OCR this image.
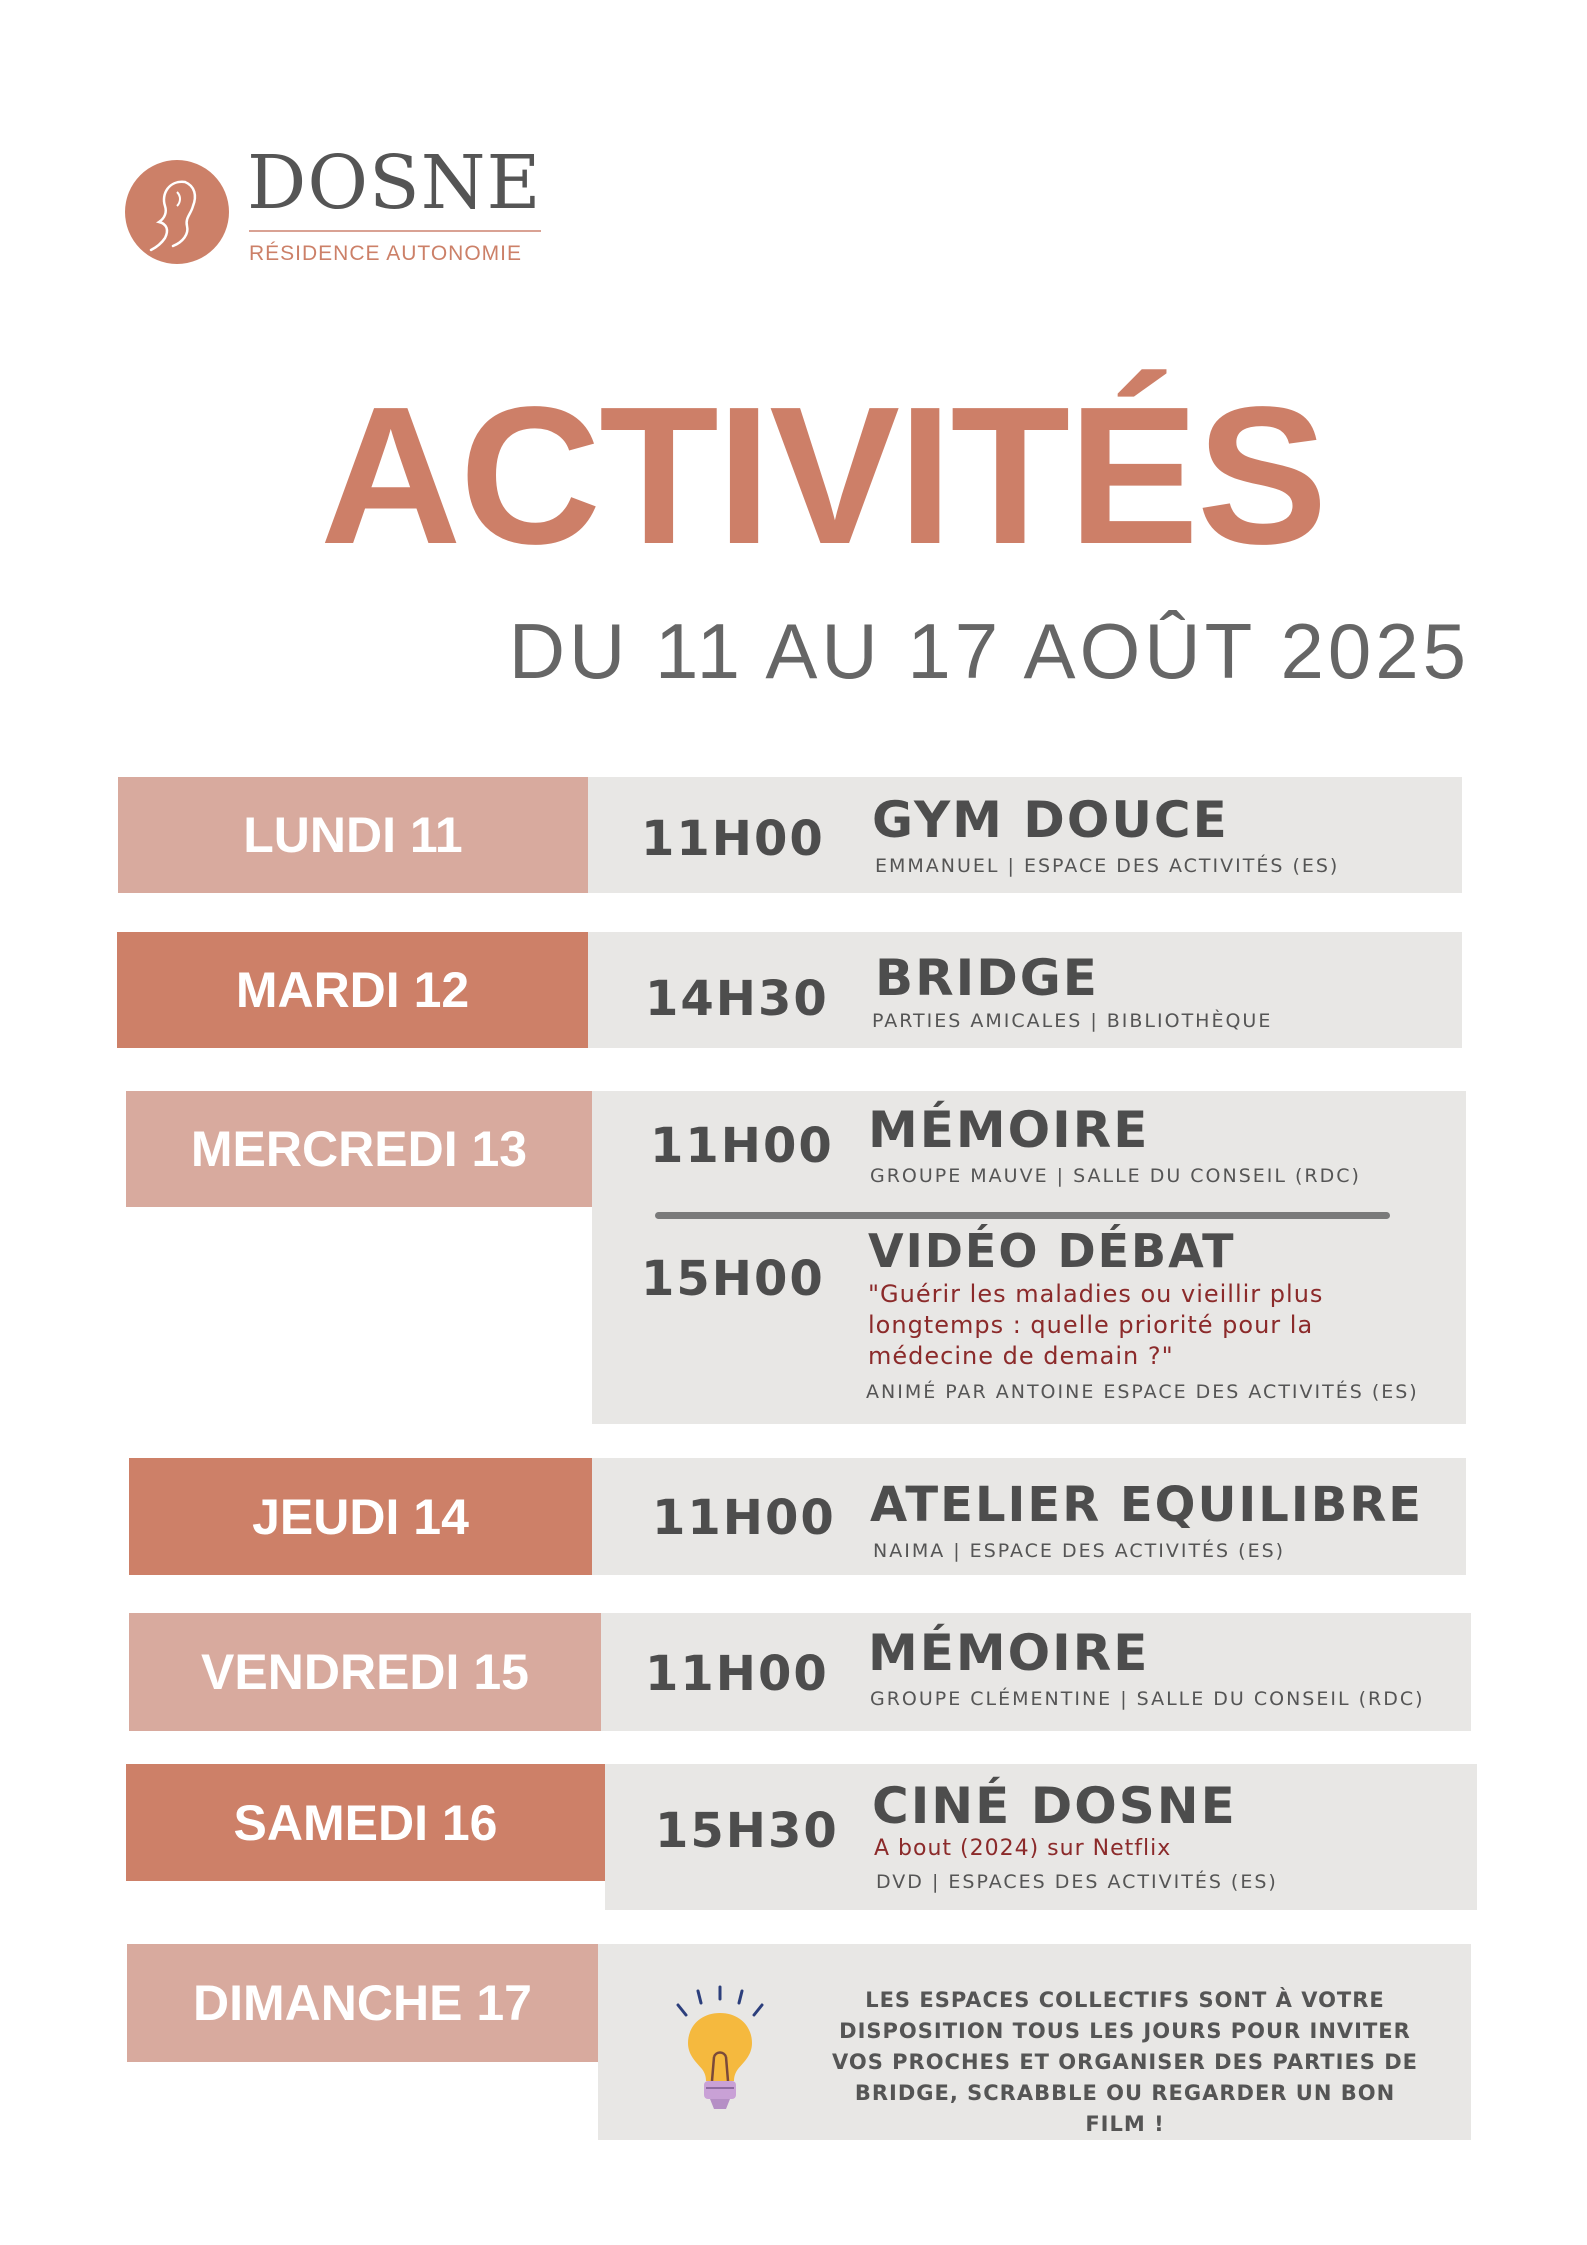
DOSNE
RÉSIDENCE AUTONOMIE
ACTIVITÉS
DU 11 AU 17 AOÛT 2025
LUNDI 11	11H00 GYM DOUCE
EMMANUEL | ESPACE DES ACTIVITÉS (ES)
MARDI 12	14H30 BRIDGE
PARTIES AMICALES | BIBLIOTHÈQUE
MERCREDI 13	11H00 MÉMOIRE
GROUPE MAUVE | SALLE DU CONSEIL (RDC)
15H00 VIDÉO DÉBAT
"Guérir les maladies ou vieillir plus
longtemps : quelle priorité pour la
médecine de demain ?"
ANIMÉ PAR ANTOINE ESPACE DES ACTIVITÉS (ES)
JEUDI 14	11H00 ATELIER EQUILIBRE
NAIMA | ESPACE DES ACTIVITÉS (ES)
VENDREDI 15	11H00 MÉMOIRE
GROUPE CLÉMENTINE | SALLE DU CONSEIL (RDC)
SAMEDI 16	15H30 CINÉ DOSNE
A bout (2024) sur Netflix
DVD | ESPACES DES ACTIVITÉS (ES)
DIMANCHE 17	LES ESPACES COLLECTIFS SONT À VOTRE
DISPOSITION TOUS LES JOURS POUR INVITER
VOS PROCHES ET ORGANISER DES PARTIES DE
BRIDGE, SCRABBLE OU REGARDER UN BON
FILM !
